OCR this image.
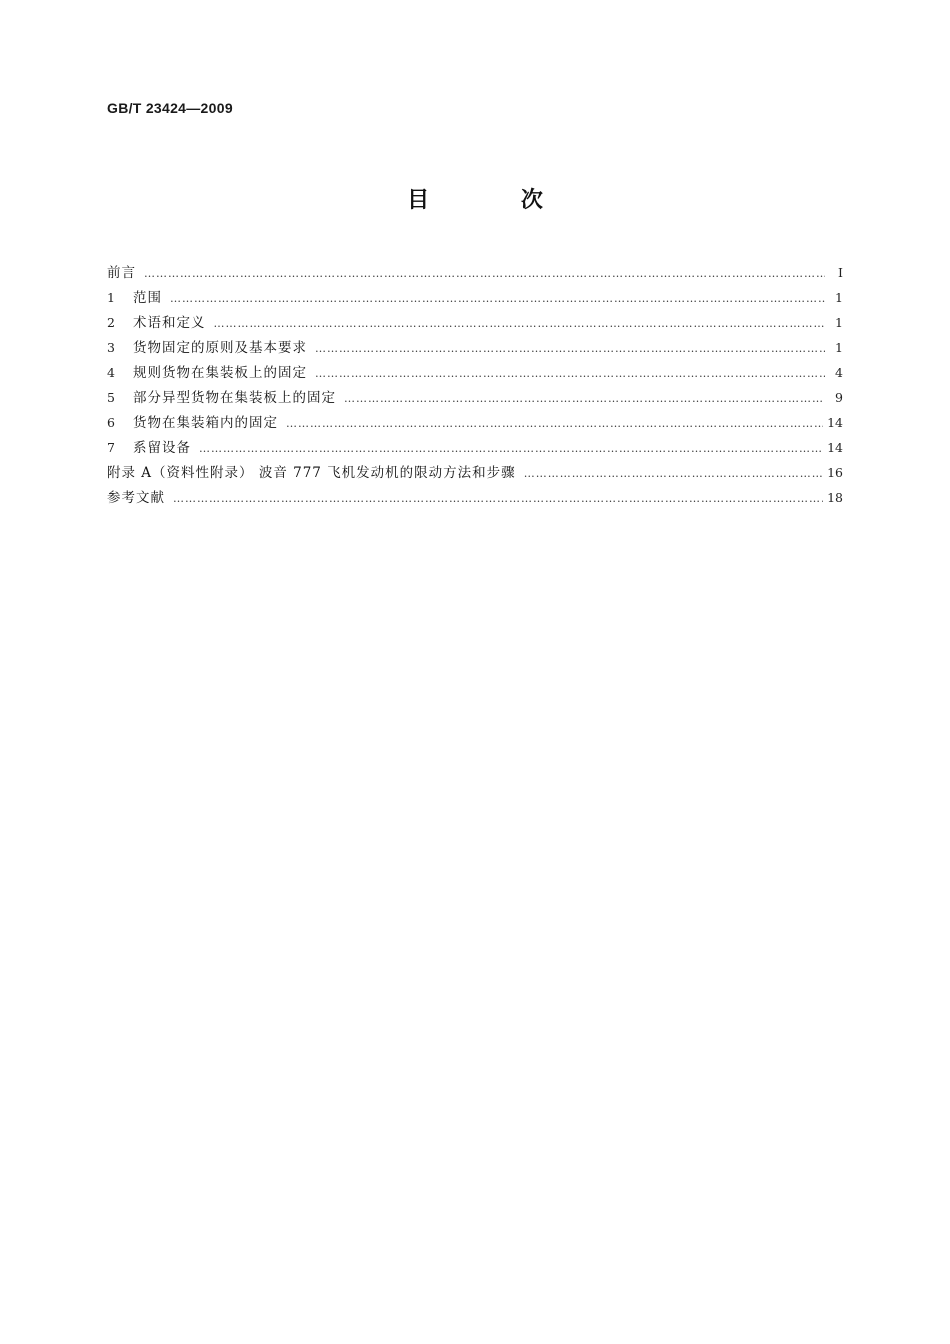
GB/T 23424—2009
目 次
前言 ……………………………………………………………………………………………………………………………………………………………………………………………………………………………………	Ⅰ
1	范围 ……………………………………………………………………………………………………………………………………………………………………………………………………………………………………	1
2	术语和定义 ……………………………………………………………………………………………………………………………………………………………………………………………………………………………………	1
3	货物固定的原则及基本要求 ……………………………………………………………………………………………………………………………………………………………………………………………………………………………………	1
4	规则货物在集装板上的固定 ……………………………………………………………………………………………………………………………………………………………………………………………………………………………………	4
5	部分异型货物在集装板上的固定 ……………………………………………………………………………………………………………………………………………………………………………………………………………………………………	9
6	货物在集装箱内的固定 ……………………………………………………………………………………………………………………………………………………………………………………………………………………………………	14
7	系留设备 ……………………………………………………………………………………………………………………………………………………………………………………………………………………………………	14
附录 A（资料性附录） 波音 777 飞机发动机的限动方法和步骤 ……………………………………………………………………………………………………………………………………………………………………………………………………………………………………	16
参考文献 ……………………………………………………………………………………………………………………………………………………………………………………………………………………………………	18
